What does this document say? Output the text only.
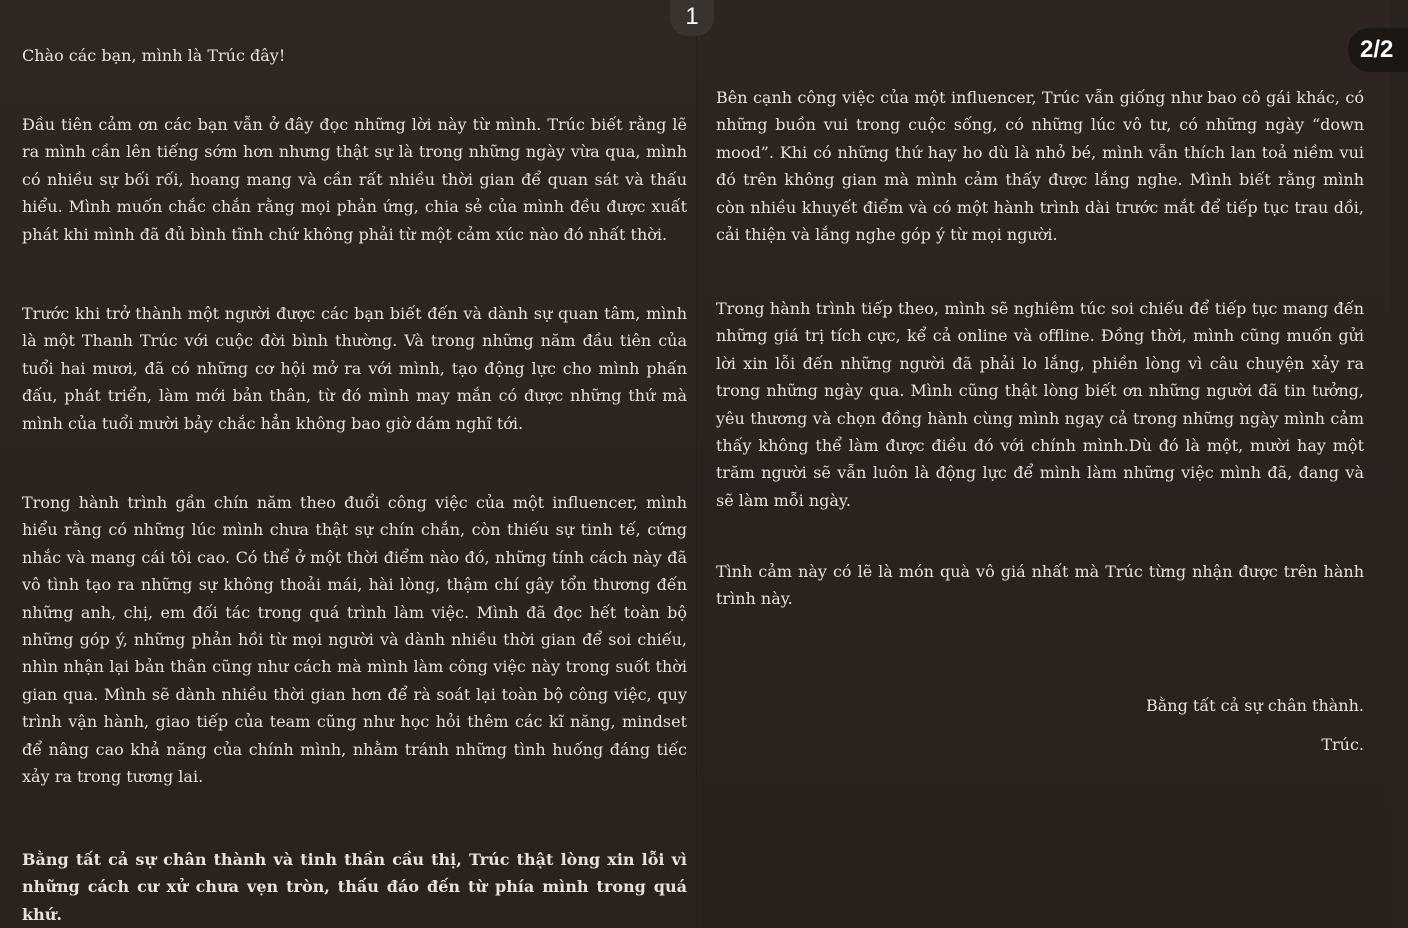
Chào các bạn, mình là Trúc đây!

Đầu tiên cảm ơn các bạn vẫn ở đây đọc những lời này từ mình. Trúc biết rằng lẽ ra mình cần lên tiếng sớm hơn nhưng thật sự là trong những ngày vừa qua, mình có nhiều sự bối rối, hoang mang và cần rất nhiều thời gian để quan sát và thấu hiểu. Mình muốn chắc chắn rằng mọi phản ứng, chia sẻ của mình đều được xuất phát khi mình đã đủ bình tĩnh chứ không phải từ một cảm xúc nào đó nhất thời.

Trước khi trở thành một người được các bạn biết đến và dành sự quan tâm, mình là một Thanh Trúc với cuộc đời bình thường. Và trong những năm đầu tiên của tuổi hai mươi, đã có những cơ hội mở ra với mình, tạo động lực cho mình phấn đấu, phát triển, làm mới bản thân, từ đó mình may mắn có được những thứ mà mình của tuổi mười bảy chắc hẳn không bao giờ dám nghĩ tới.

Trong hành trình gần chín năm theo đuổi công việc của một influencer, mình hiểu rằng có những lúc mình chưa thật sự chín chắn, còn thiếu sự tinh tế, cứng nhắc và mang cái tôi cao. Có thể ở một thời điểm nào đó, những tính cách này đã vô tình tạo ra những sự không thoải mái, hài lòng, thậm chí gây tổn thương đến những anh, chị, em đối tác trong quá trình làm việc. Mình đã đọc hết toàn bộ những góp ý, những phản hồi từ mọi người và dành nhiều thời gian để soi chiếu, nhìn nhận lại bản thân cũng như cách mà mình làm công việc này trong suốt thời gian qua. Mình sẽ dành nhiều thời gian hơn để rà soát lại toàn bộ công việc, quy trình vận hành, giao tiếp của team cũng như học hỏi thêm các kĩ năng, mindset để nâng cao khả năng của chính mình, nhằm tránh những tình huống đáng tiếc xảy ra trong tương lai.

Bằng tất cả sự chân thành và tinh thần cầu thị, Trúc thật lòng xin lỗi vì những cách cư xử chưa vẹn tròn, thấu đáo đến từ phía mình trong quá khứ.

Bên cạnh công việc của một influencer, Trúc vẫn giống như bao cô gái khác, có những buồn vui trong cuộc sống, có những lúc vô tư, có những ngày “down mood”. Khi có những thứ hay ho dù là nhỏ bé, mình vẫn thích lan toả niềm vui đó trên không gian mà mình cảm thấy được lắng nghe. Mình biết rằng mình còn nhiều khuyết điểm và có một hành trình dài trước mắt để tiếp tục trau dồi, cải thiện và lắng nghe góp ý từ mọi người.

Trong hành trình tiếp theo, mình sẽ nghiêm túc soi chiếu để tiếp tục mang đến những giá trị tích cực, kể cả online và offline. Đồng thời, mình cũng muốn gửi lời xin lỗi đến những người đã phải lo lắng, phiền lòng vì câu chuyện xảy ra trong những ngày qua. Mình cũng thật lòng biết ơn những người đã tin tưởng, yêu thương và chọn đồng hành cùng mình ngay cả trong những ngày mình cảm thấy không thể làm được điều đó với chính mình.Dù đó là một, mười hay một trăm người sẽ vẫn luôn là động lực để mình làm những việc mình đã, đang và sẽ làm mỗi ngày.

Tình cảm này có lẽ là món quà vô giá nhất mà Trúc từng nhận được trên hành trình này.

Bằng tất cả sự chân thành.

Trúc.

1
2/2
